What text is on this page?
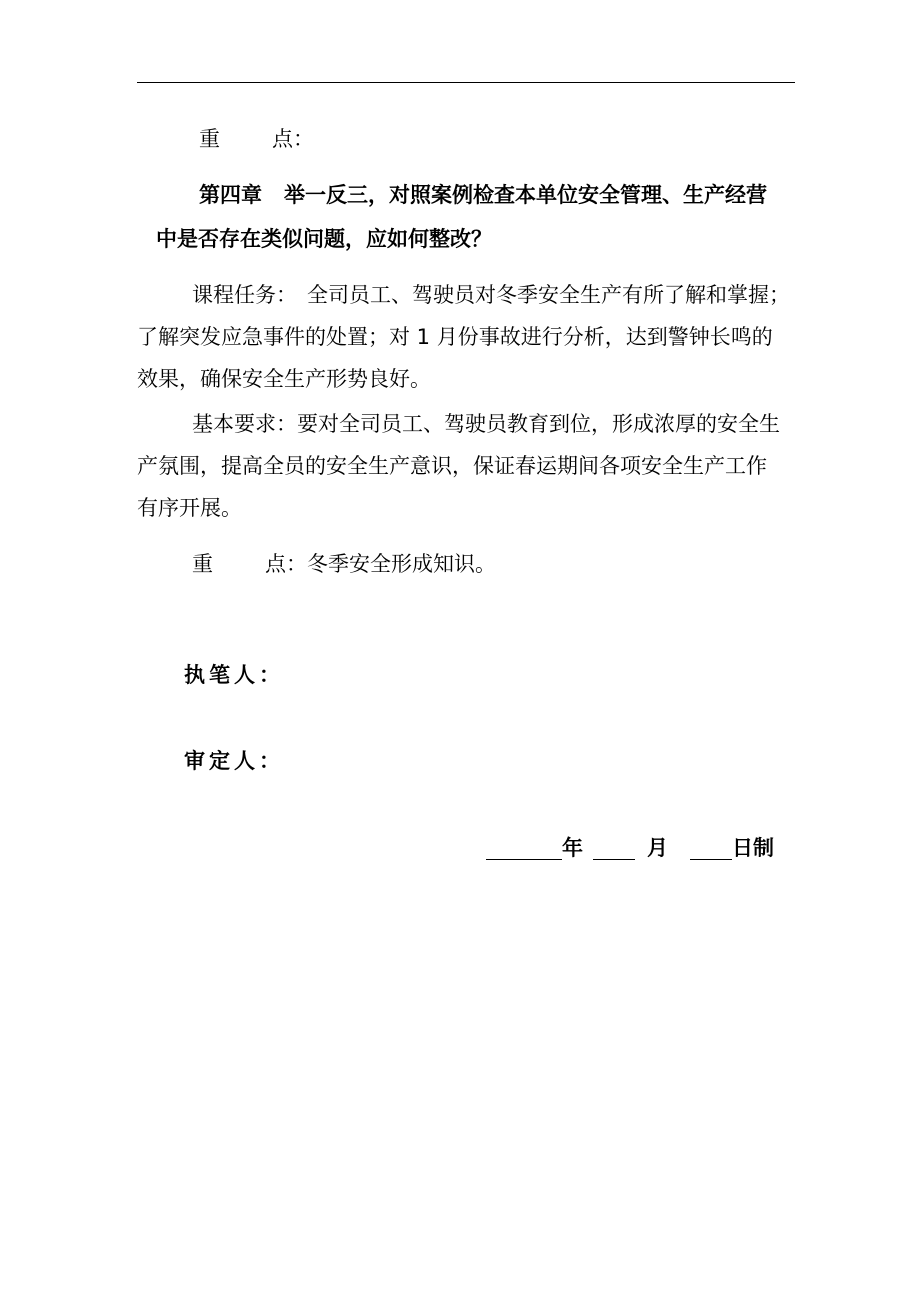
重 点：
第四章 举一反三，对照案例检查本单位安全管理、生产经营
中是否存在类似问题，应如何整改？
课程任务： 全司员工、驾驶员对冬季安全生产有所了解和掌握；
了解突发应急事件的处置；对 1 月份事故进行分析，达到警钟长鸣的
效果，确保安全生产形势良好。
基本要求：要对全司员工、驾驶员教育到位，形成浓厚的安全生
产氛围，提高全员的安全生产意识，保证春运期间各项安全生产工作
有序开展。
重 点：冬季安全形成知识。
执笔人：
审定人：
年	月	日制
